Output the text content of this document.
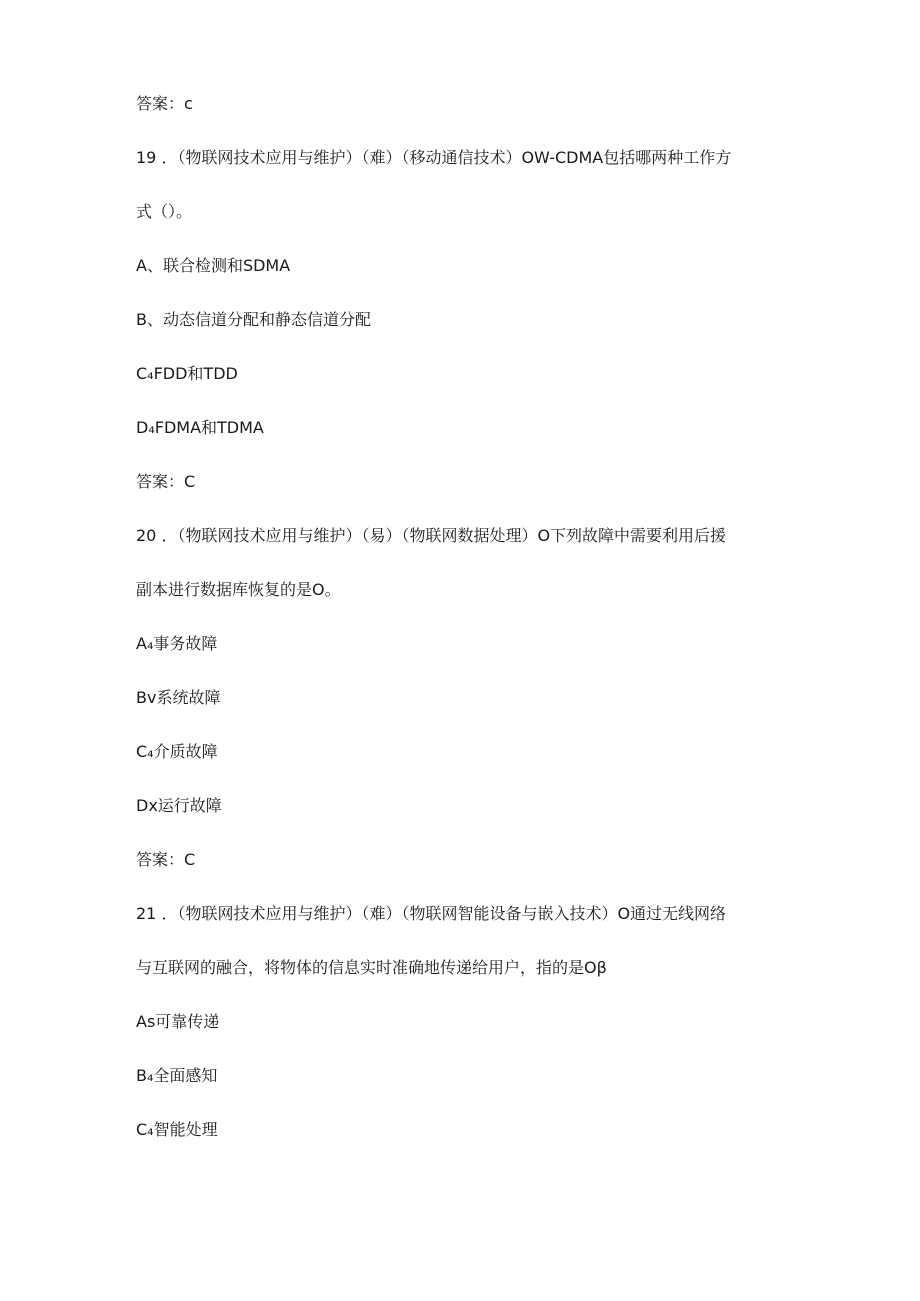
答案：c
19 ．（物联网技术应用与维护）（难）（移动通信技术）OW-CDMA包括哪两种工作方
式（）。
A、联合检测和SDMA
B、动态信道分配和静态信道分配
C₄FDD和TDD
D₄FDMA和TDMA
答案：C
20 ．（物联网技术应用与维护）（易）（物联网数据处理）O下列故障中需要利用后援
副本进行数据库恢复的是O。
A₄事务故障
Bv系统故障
C₄介质故障
Dx运行故障
答案：C
21 ．（物联网技术应用与维护）（难）（物联网智能设备与嵌入技术）O通过无线网络
与互联网的融合，将物体的信息实时准确地传递给用户，指的是Oβ
As可靠传递
B₄全面感知
C₄智能处理
